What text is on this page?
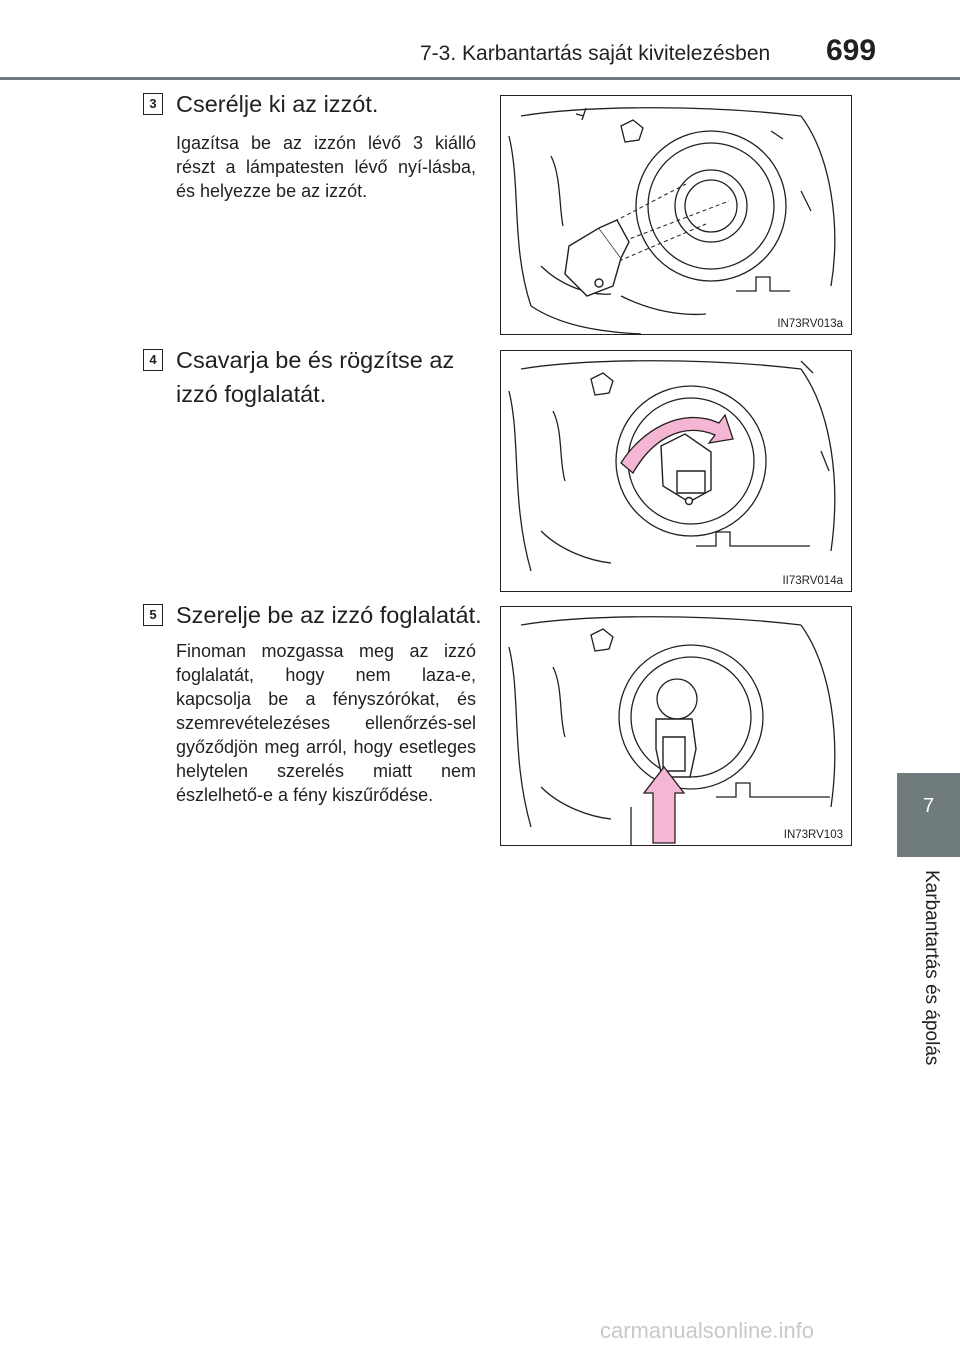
7-3. Karbantartás saját kivitelezésben 699
7
Karbantartás és ápolás
3 Cserélje ki az izzót.
Igazítsa be az izzón lévő 3 kiálló részt a lámpatesten lévő nyí-lásba, és helyezze be az izzót.
IN73RV013a
4 Csavarja be és rögzítse az
izzó foglalatát.
II73RV014a
5 Szerelje be az izzó foglalatát.
Finoman mozgassa meg az izzó foglalatát, hogy nem laza-e, kapcsolja be a fényszórókat, és szemrevételezéses ellenőrzés-sel győződjön meg arról, hogy esetleges helytelen szerelés miatt nem észlelhető-e a fény kiszűrődése.
IN73RV103
carmanualsonline.info
